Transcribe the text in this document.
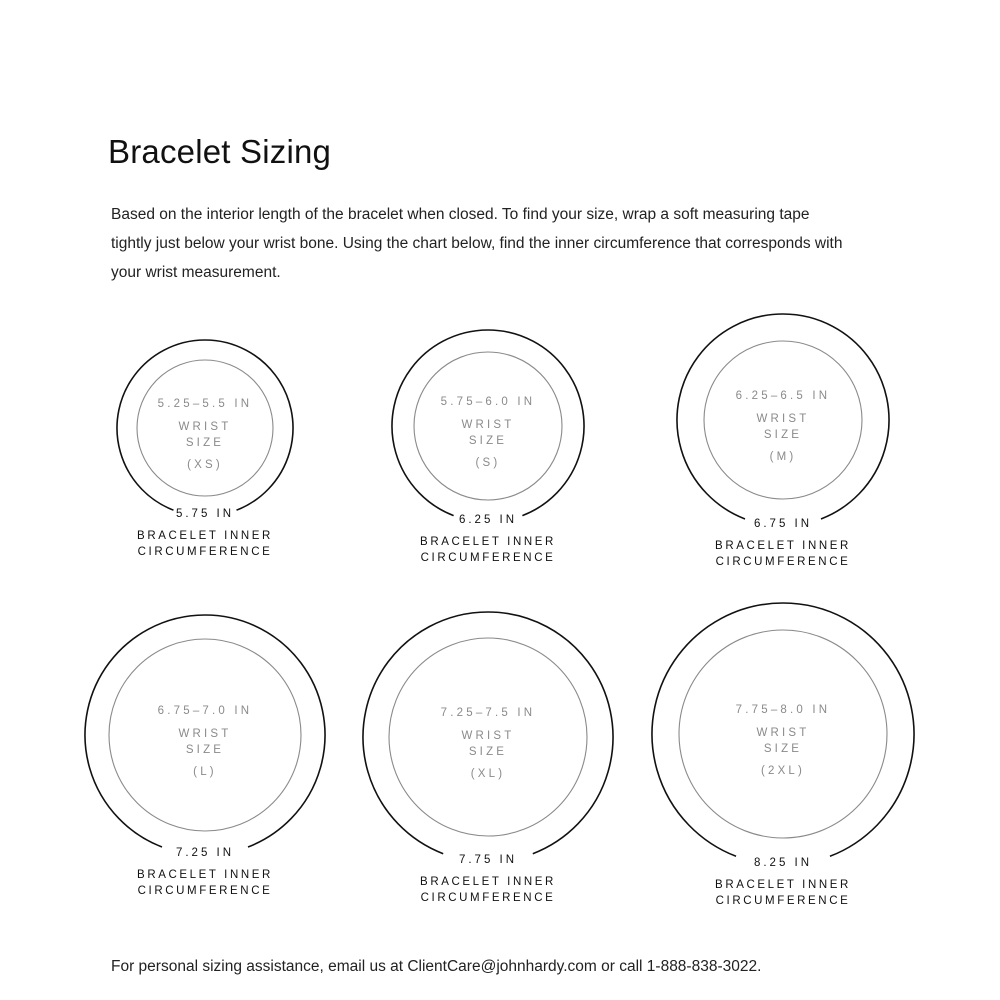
Bracelet Sizing
Based on the interior length of the bracelet when closed. To find your size, wrap a soft measuring tape
tightly just below your wrist bone. Using the chart below, find the inner circumference that corresponds with
your wrist measurement.
5.25–5.5 IN
WRIST
SIZE
(XS)
5.75 IN
BRACELET INNER
CIRCUMFERENCE
5.75–6.0 IN
WRIST
SIZE
(S)
6.25 IN
BRACELET INNER
CIRCUMFERENCE
6.25–6.5 IN
WRIST
SIZE
(M)
6.75 IN
BRACELET INNER
CIRCUMFERENCE
6.75–7.0 IN
WRIST
SIZE
(L)
7.25 IN
BRACELET INNER
CIRCUMFERENCE
7.25–7.5 IN
WRIST
SIZE
(XL)
7.75 IN
BRACELET INNER
CIRCUMFERENCE
7.75–8.0 IN
WRIST
SIZE
(2XL)
8.25 IN
BRACELET INNER
CIRCUMFERENCE
For personal sizing assistance, email us at ClientCare@johnhardy.com or call 1-888-838-3022.
